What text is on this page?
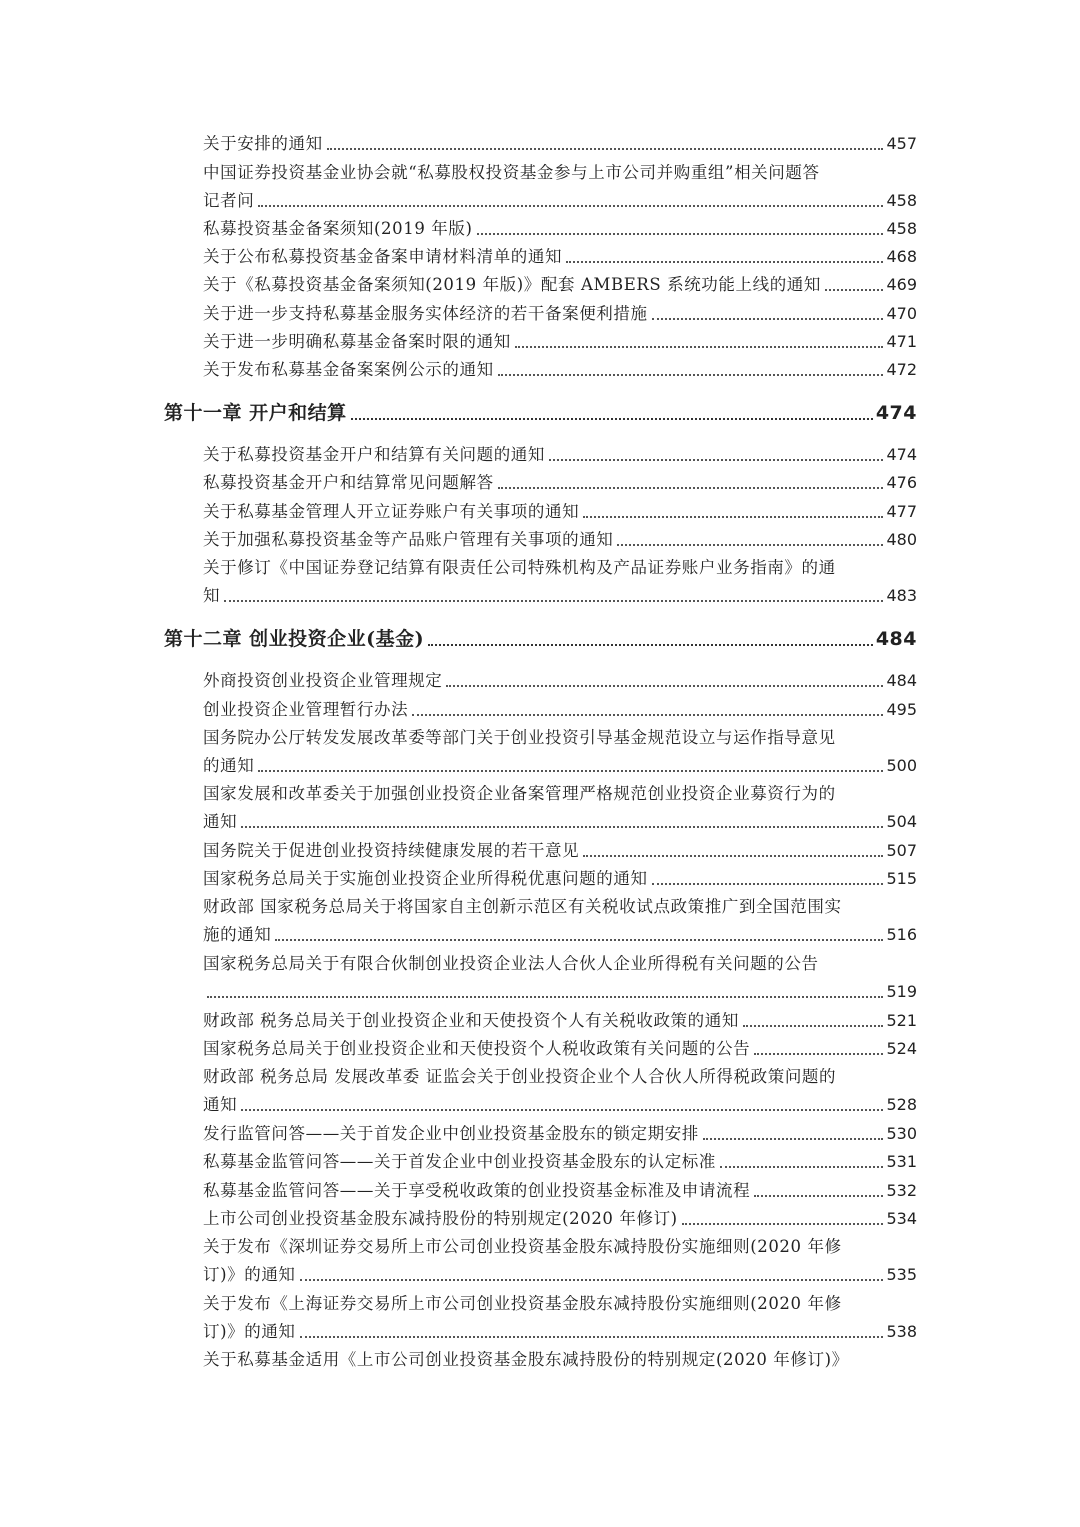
关于安排的通知	457
中国证券投资基金业协会就“私募股权投资基金参与上市公司并购重组”相关问题答
记者问	458
私募投资基金备案须知(2019 年版)	458
关于公布私募投资基金备案申请材料清单的通知	468
关于《私募投资基金备案须知(2019 年版)》配套 AMBERS 系统功能上线的通知	469
关于进一步支持私募基金服务实体经济的若干备案便利措施	470
关于进一步明确私募基金备案时限的通知	471
关于发布私募基金备案案例公示的通知	472
第十一章 开户和结算	474
关于私募投资基金开户和结算有关问题的通知	474
私募投资基金开户和结算常见问题解答	476
关于私募基金管理人开立证券账户有关事项的通知	477
关于加强私募投资基金等产品账户管理有关事项的通知	480
关于修订《中国证券登记结算有限责任公司特殊机构及产品证券账户业务指南》的通
知	483
第十二章 创业投资企业(基金)	484
外商投资创业投资企业管理规定	484
创业投资企业管理暂行办法	495
国务院办公厅转发发展改革委等部门关于创业投资引导基金规范设立与运作指导意见
的通知	500
国家发展和改革委关于加强创业投资企业备案管理严格规范创业投资企业募资行为的
通知	504
国务院关于促进创业投资持续健康发展的若干意见	507
国家税务总局关于实施创业投资企业所得税优惠问题的通知	515
财政部 国家税务总局关于将国家自主创新示范区有关税收试点政策推广到全国范围实
施的通知	516
国家税务总局关于有限合伙制创业投资企业法人合伙人企业所得税有关问题的公告
519
财政部 税务总局关于创业投资企业和天使投资个人有关税收政策的通知	521
国家税务总局关于创业投资企业和天使投资个人税收政策有关问题的公告	524
财政部 税务总局 发展改革委 证监会关于创业投资企业个人合伙人所得税政策问题的
通知	528
发行监管问答——关于首发企业中创业投资基金股东的锁定期安排	530
私募基金监管问答——关于首发企业中创业投资基金股东的认定标准	531
私募基金监管问答——关于享受税收政策的创业投资基金标准及申请流程	532
上市公司创业投资基金股东减持股份的特别规定(2020 年修订)	534
关于发布《深圳证券交易所上市公司创业投资基金股东减持股份实施细则(2020 年修
订)》的通知	535
关于发布《上海证券交易所上市公司创业投资基金股东减持股份实施细则(2020 年修
订)》的通知	538
关于私募基金适用《上市公司创业投资基金股东减持股份的特别规定(2020 年修订)》
